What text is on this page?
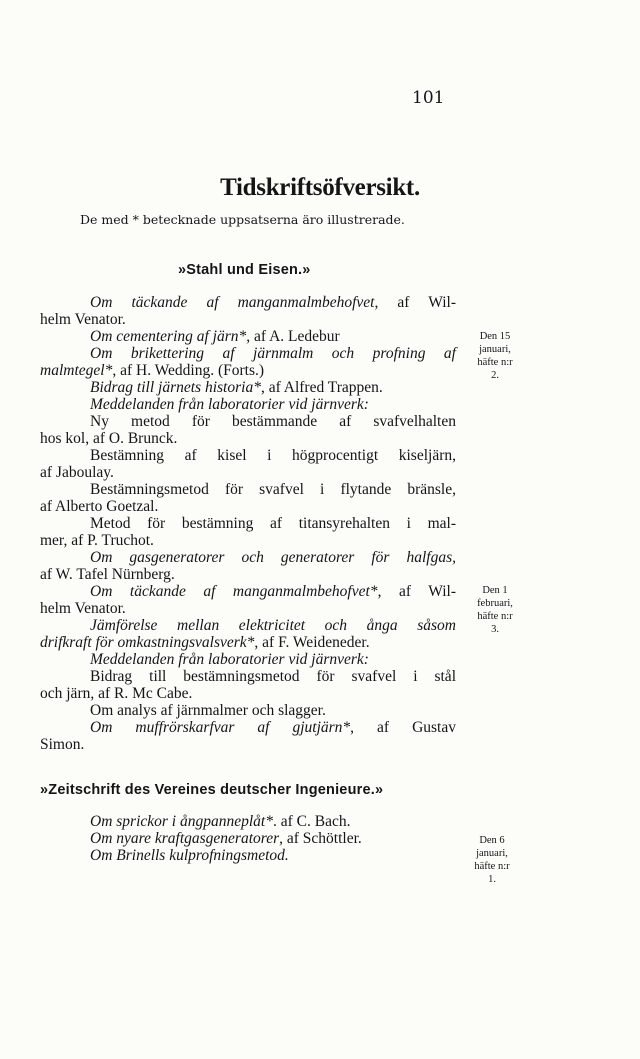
101
Tidskriftsöfversikt.
De med * betecknade uppsatserna äro illustrerade.
»Stahl und Eisen.»
Om täckande af manganmalmbehofvet, af Wil-
helm Venator.
Om cementering af järn*, af A. Ledebur
Om brikettering af järnmalm och profning af
malmtegel*, af H. Wedding. (Forts.)
Bidrag till järnets historia*, af Alfred Trappen.
Meddelanden från laboratorier vid järnverk:
Ny metod för bestämmande af svafvelhalten
hos kol, af O. Brunck.
Bestämning af kisel i högprocentigt kiseljärn,
af Jaboulay.
Bestämningsmetod för svafvel i flytande bränsle,
af Alberto Goetzal.
Metod för bestämning af titansyrehalten i mal-
mer, af P. Truchot.
Om gasgeneratorer och generatorer för halfgas,
af W. Tafel Nürnberg.
Om täckande af manganmalmbehofvet*, af Wil-
helm Venator.
Jämförelse mellan elektricitet och ånga såsom
drifkraft för omkastningsvalsverk*, af F. Weideneder.
Meddelanden från laboratorier vid järnverk:
Bidrag till bestämningsmetod för svafvel i stål
och järn, af R. Mc Cabe.
Om analys af järnmalmer och slagger.
Om muffrörskarfvar af gjutjärn*, af Gustav
Simon.
Den 15
januari,
häfte n:r
2.
Den 1
februari,
häfte n:r
3.
»Zeitschrift des Vereines deutscher Ingenieure.»
Om sprickor i ångpanneplåt*. af C. Bach.
Om nyare kraftgasgeneratorer, af Schöttler.
Om Brinells kulprofningsmetod.
Den 6
januari,
häfte n:r
1.
